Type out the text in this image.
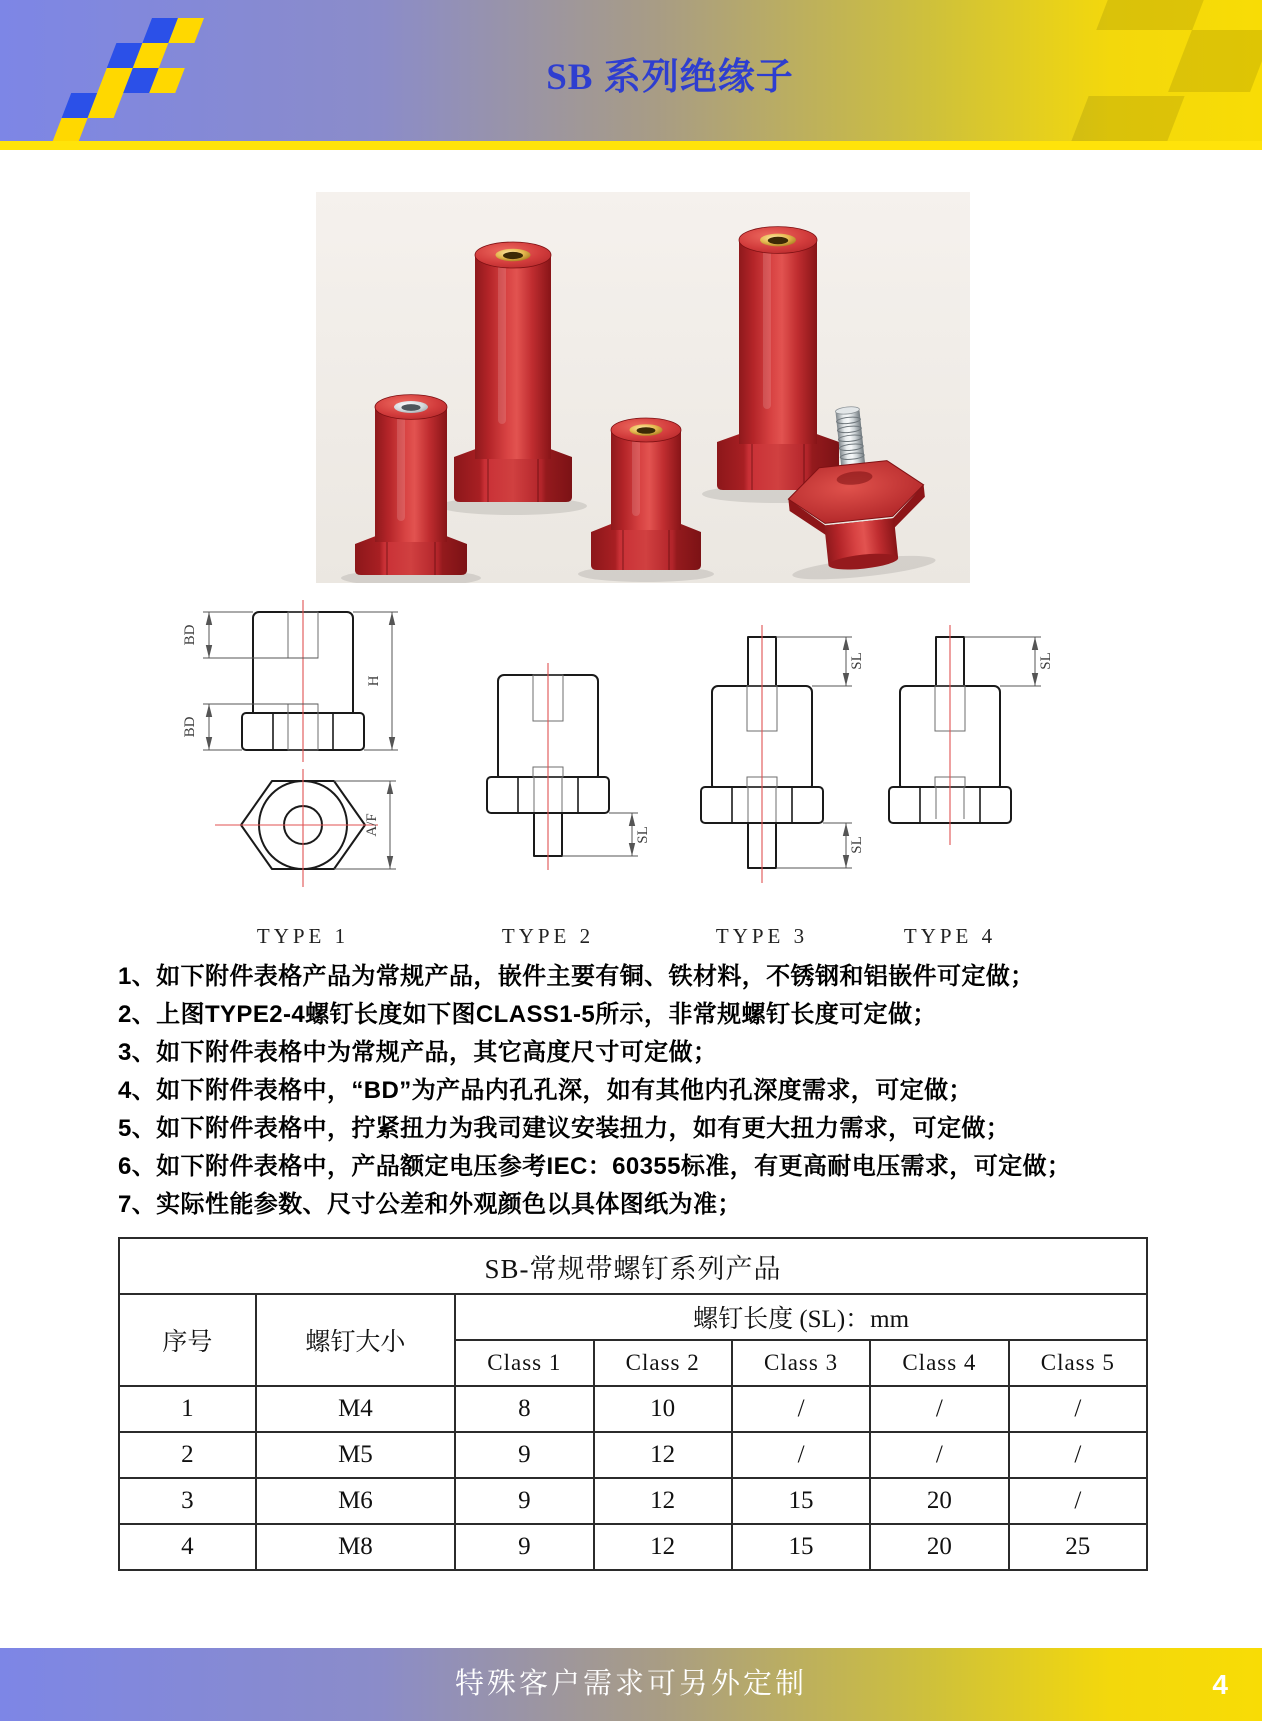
SB 系列绝缘子
BD
BD
H
A/F
TYPE 1
SL
TYPE 2
SL
SL
TYPE 3
SL
TYPE 4

1、如下附件表格产品为常规产品，嵌件主要有铜、铁材料，不锈钢和铝嵌件可定做；

2、上图TYPE2-4螺钉长度如下图CLASS1-5所示，非常规螺钉长度可定做；

3、如下附件表格中为常规产品，其它高度尺寸可定做；

4、如下附件表格中，“BD”为产品内孔孔深，如有其他内孔深度需求，可定做；

5、如下附件表格中，拧紧扭力为我司建议安装扭力，如有更大扭力需求，可定做；

6、如下附件表格中，产品额定电压参考IEC：60355标准，有更高耐电压需求，可定做；

7、实际性能参数、尺寸公差和外观颜色以具体图纸为准；

SB-常规带螺钉系列产品						
序号	螺钉大小	螺钉长度 (SL)：mm				
		Class 1	Class 2	Class 3	Class 4	Class 5
1	M4	8	10	/	/	/
2	M5	9	12	/	/	/
3	M6	9	12	15	20	/
4	M8	9	12	15	20	25
特殊客户需求可另外定制	4
